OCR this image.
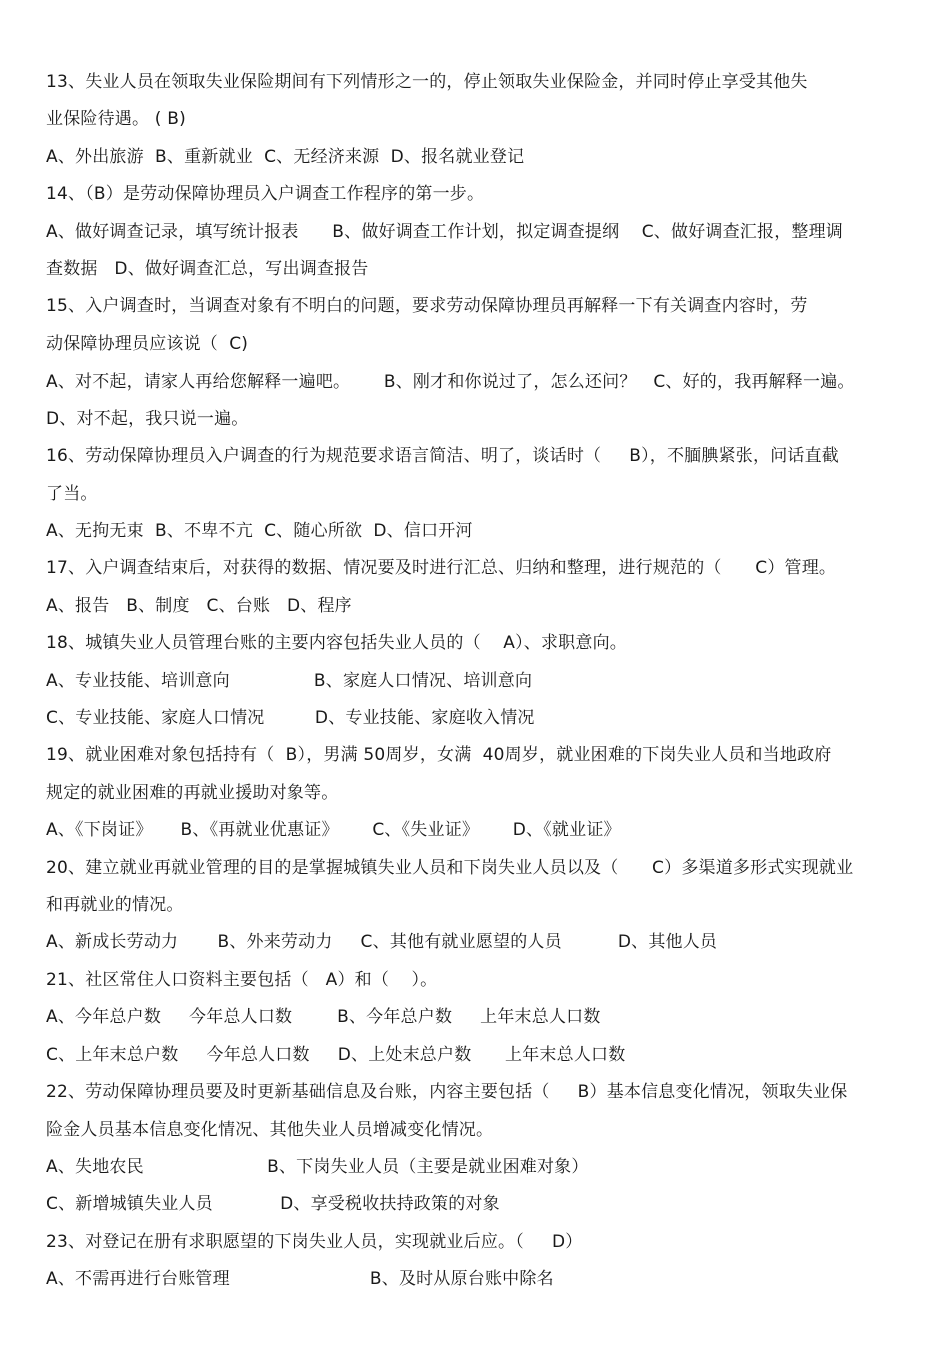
13、失业人员在领取失业保险期间有下列情形之一的，停止领取失业保险金，并同时停止享受其他失
业保险待遇。 ( B)
A、外出旅游  B、重新就业  C、无经济来源  D、报名就业登记
14、（B）是劳动保障协理员入户调查工作程序的第一步。
A、做好调查记录，填写统计报表      B、做好调查工作计划，拟定调查提纲    C、做好调查汇报，整理调
查数据   D、做好调查汇总，写出调查报告
15、入户调查时，当调查对象有不明白的问题，要求劳动保障协理员再解释一下有关调查内容时，劳
动保障协理员应该说（  C)
A、对不起，请家人再给您解释一遍吧。      B、刚才和你说过了，怎么还问？   C、好的，我再解释一遍。
D、对不起，我只说一遍。
16、劳动保障协理员入户调查的行为规范要求语言简洁、明了，谈话时（     B），不腼腆紧张，问话直截
了当。
A、无拘无束  B、不卑不亢  C、随心所欲  D、信口开河
17、入户调查结束后，对获得的数据、情况要及时进行汇总、归纳和整理，进行规范的（      C）管理。
A、报告   B、制度   C、台账   D、程序
18、城镇失业人员管理台账的主要内容包括失业人员的（    A）、求职意向。
A、专业技能、培训意向               B、家庭人口情况、培训意向
C、专业技能、家庭人口情况         D、专业技能、家庭收入情况
19、就业困难对象包括持有（  B），男满 50周岁，女满  40周岁，就业困难的下岗失业人员和当地政府
规定的就业困难的再就业援助对象等。
A、《下岗证》     B、《再就业优惠证》      C、《失业证》      D、《就业证》
20、建立就业再就业管理的目的是掌握城镇失业人员和下岗失业人员以及（      C）多渠道多形式实现就业
和再就业的情况。
A、新成长劳动力       B、外来劳动力     C、其他有就业愿望的人员          D、其他人员
21、社区常住人口资料主要包括（   A）和（    ）。
A、今年总户数     今年总人口数        B、今年总户数     上年末总人口数
C、上年末总户数     今年总人口数     D、上处末总户数      上年末总人口数
22、劳动保障协理员要及时更新基础信息及台账，内容主要包括（     B）基本信息变化情况，领取失业保
险金人员基本信息变化情况、其他失业人员增减变化情况。
A、失地农民                      B、下岗失业人员（主要是就业困难对象）
C、新增城镇失业人员            D、享受税收扶持政策的对象
23、对登记在册有求职愿望的下岗失业人员，实现就业后应。（     D）
A、不需再进行台账管理                         B、及时从原台账中除名
